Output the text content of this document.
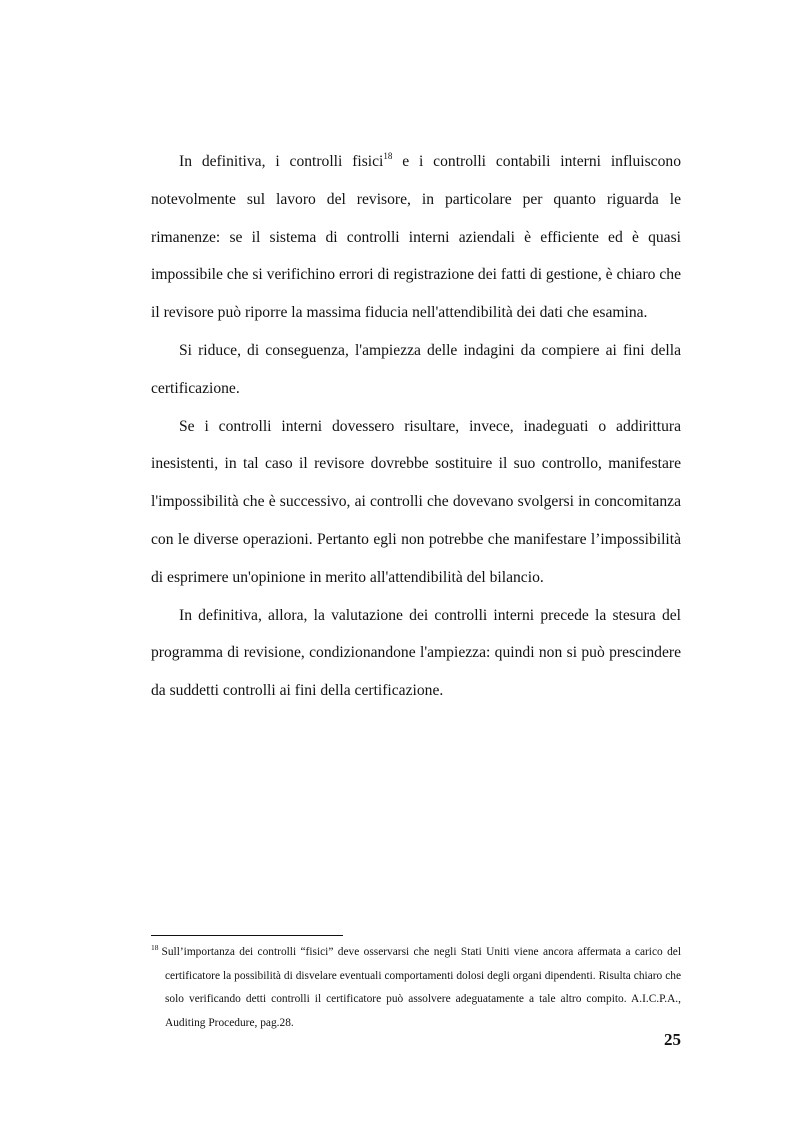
In definitiva, i controlli fisici$^{18}$ e i controlli contabili interni influiscono notevolmente sul lavoro del revisore, in particolare per quanto riguarda le rimanenze: se il sistema di controlli interni aziendali è efficiente ed è quasi impossibile che si verifichino errori di registrazione dei fatti di gestione, è chiaro che il revisore può riporre la massima fiducia nell'attendibilità dei dati che esamina.

Si riduce, di conseguenza, l'ampiezza delle indagini da compiere ai fini della certificazione.

Se i controlli interni dovessero risultare, invece, inadeguati o addirittura inesistenti, in tal caso il revisore dovrebbe sostituire il suo controllo, manifestare l'impossibilità che è successivo, ai controlli che dovevano svolgersi in concomitanza con le diverse operazioni. Pertanto egli non potrebbe che manifestare l’impossibilità di esprimere un'opinione in merito all'attendibilità del bilancio.

In definitiva, allora, la valutazione dei controlli interni precede la stesura del programma di revisione, condizionandone l'ampiezza: quindi non si può prescindere da suddetti controlli ai fini della certificazione.

$^{18}$ Sull’importanza dei controlli “fisici” deve osservarsi che negli Stati Uniti viene ancora affermata a carico del certificatore la possibilità di disvelare eventuali comportamenti dolosi degli organi dipendenti. Risulta chiaro che solo verificando detti controlli il certificatore può assolvere adeguatamente a tale altro compito. A.I.C.P.A., Auditing Procedure, pag.28.
25
